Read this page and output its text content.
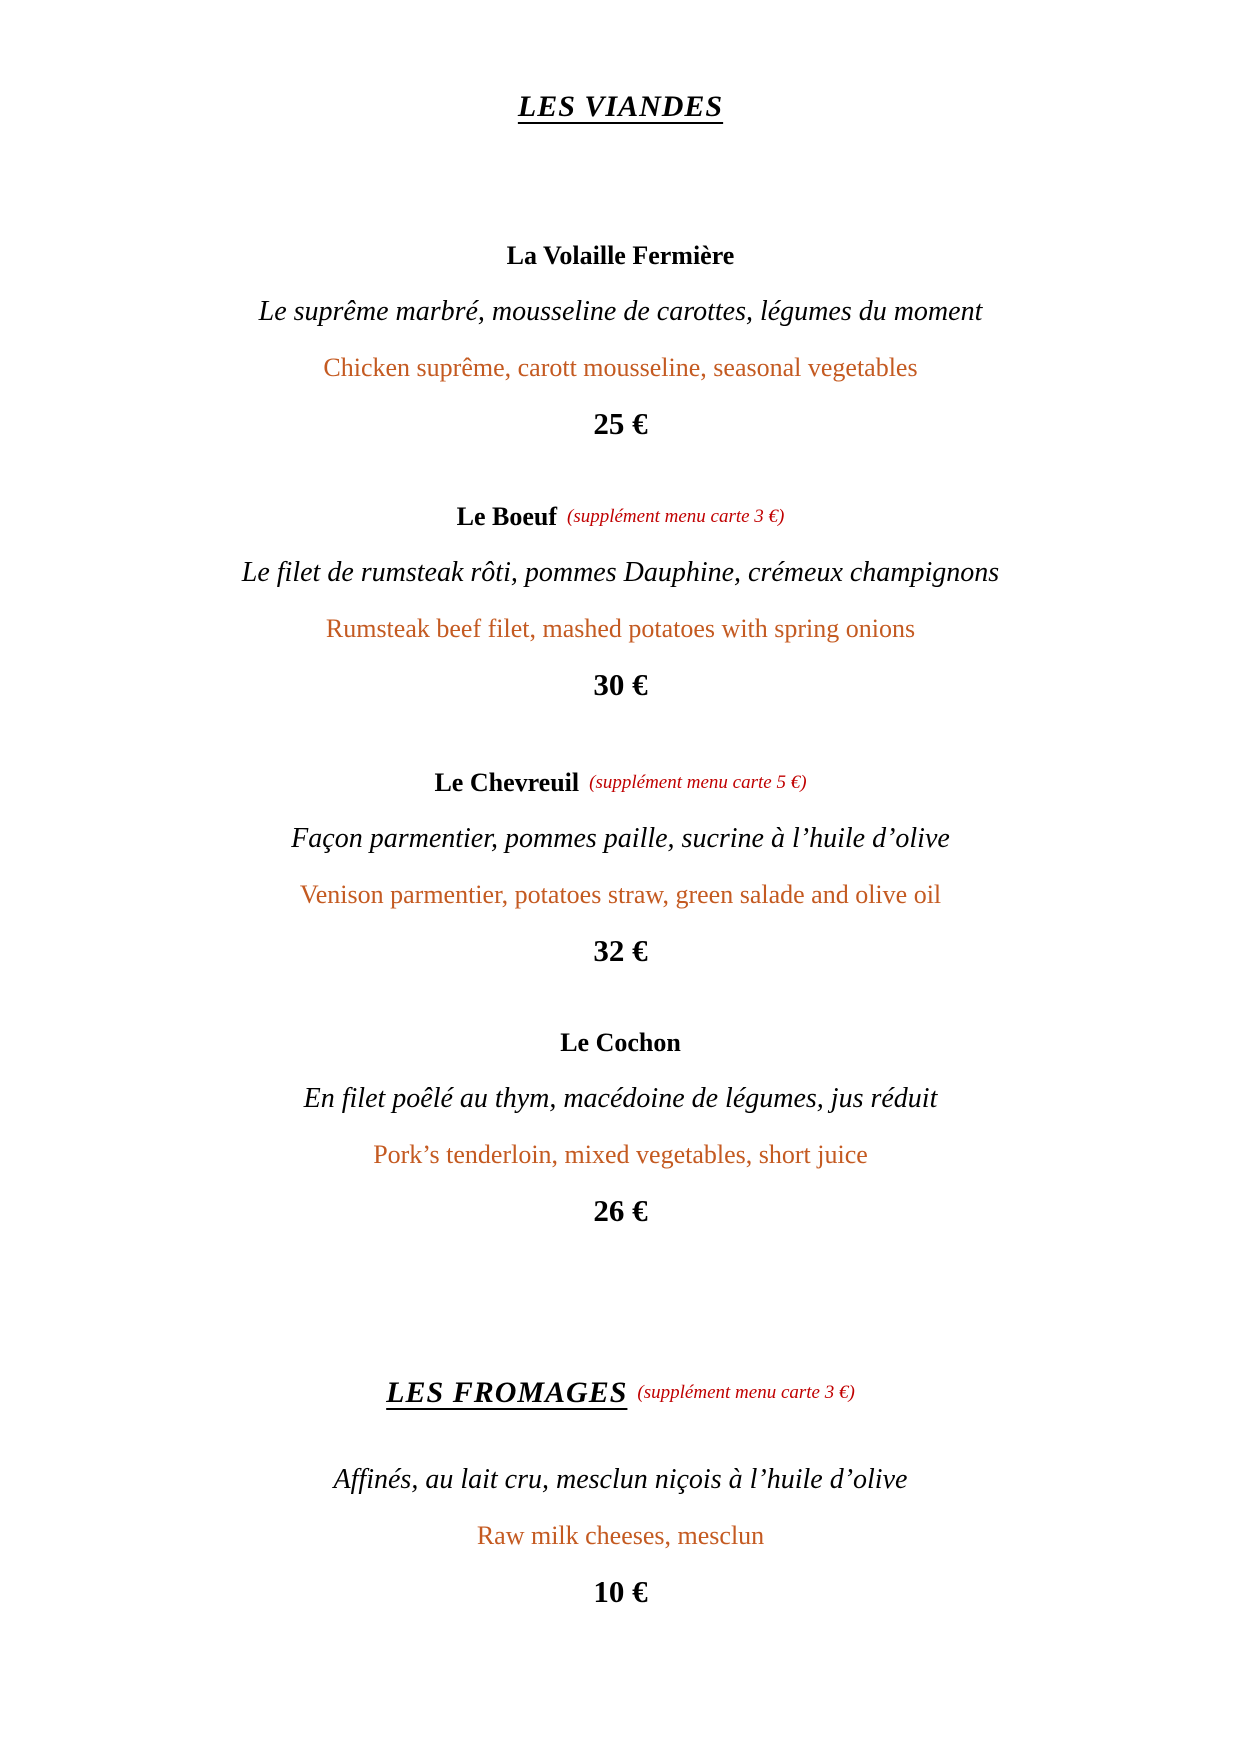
LES VIANDES
La Volaille Fermière
Le suprême marbré, mousseline de carottes, légumes du moment
Chicken suprême, carott mousseline, seasonal vegetables
25 €
Le Boeuf (supplément menu carte 3 €)
Le filet de rumsteak rôti, pommes Dauphine, crémeux champignons
Rumsteak beef filet, mashed potatoes with spring onions
30 €
Le Chevreuil (supplément menu carte 5 €)
Façon parmentier, pommes paille, sucrine à l’huile d’olive
Venison parmentier, potatoes straw, green salade and olive oil
32 €
Le Cochon
En filet poêlé au thym, macédoine de légumes, jus réduit
Pork’s tenderloin, mixed vegetables, short juice
26 €
LES FROMAGES (supplément menu carte 3 €)
Affinés, au lait cru, mesclun niçois à l’huile d’olive
Raw milk cheeses, mesclun
10 €
